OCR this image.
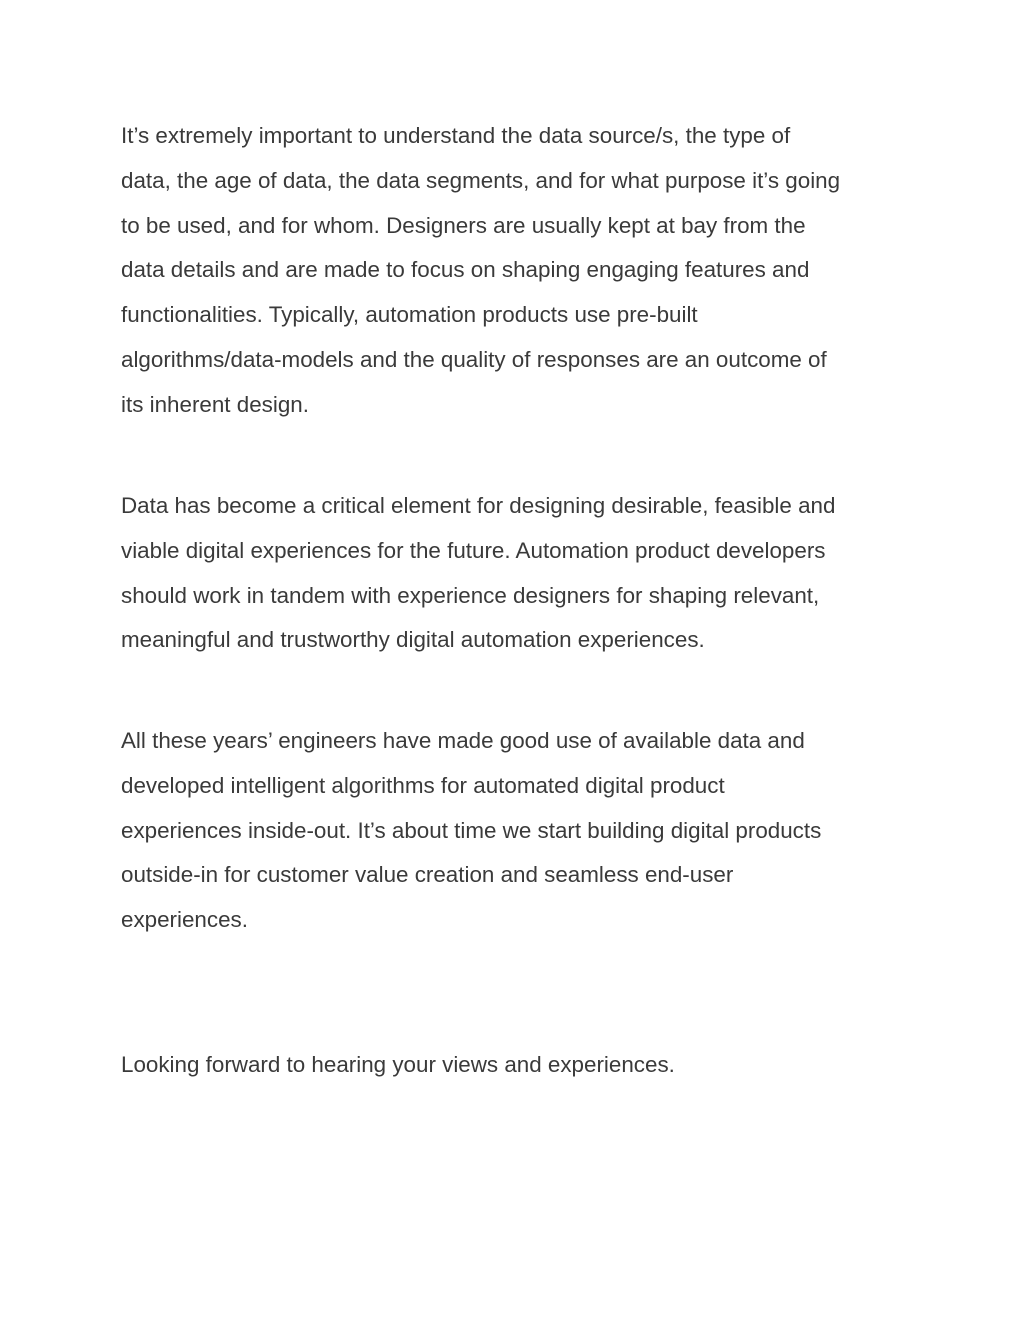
It’s extremely important to understand the data source/s, the type of
data, the age of data, the data segments, and for what purpose it’s going
to be used, and for whom. Designers are usually kept at bay from the
data details and are made to focus on shaping engaging features and
functionalities. Typically, automation products use pre-built
algorithms/data-models and the quality of responses are an outcome of
its inherent design.

Data has become a critical element for designing desirable, feasible and
viable digital experiences for the future. Automation product developers
should work in tandem with experience designers for shaping relevant,
meaningful and trustworthy digital automation experiences.

All these years’ engineers have made good use of available data and
developed intelligent algorithms for automated digital product
experiences inside-out. It’s about time we start building digital products
outside-in for customer value creation and seamless end-user
experiences.

Looking forward to hearing your views and experiences.
